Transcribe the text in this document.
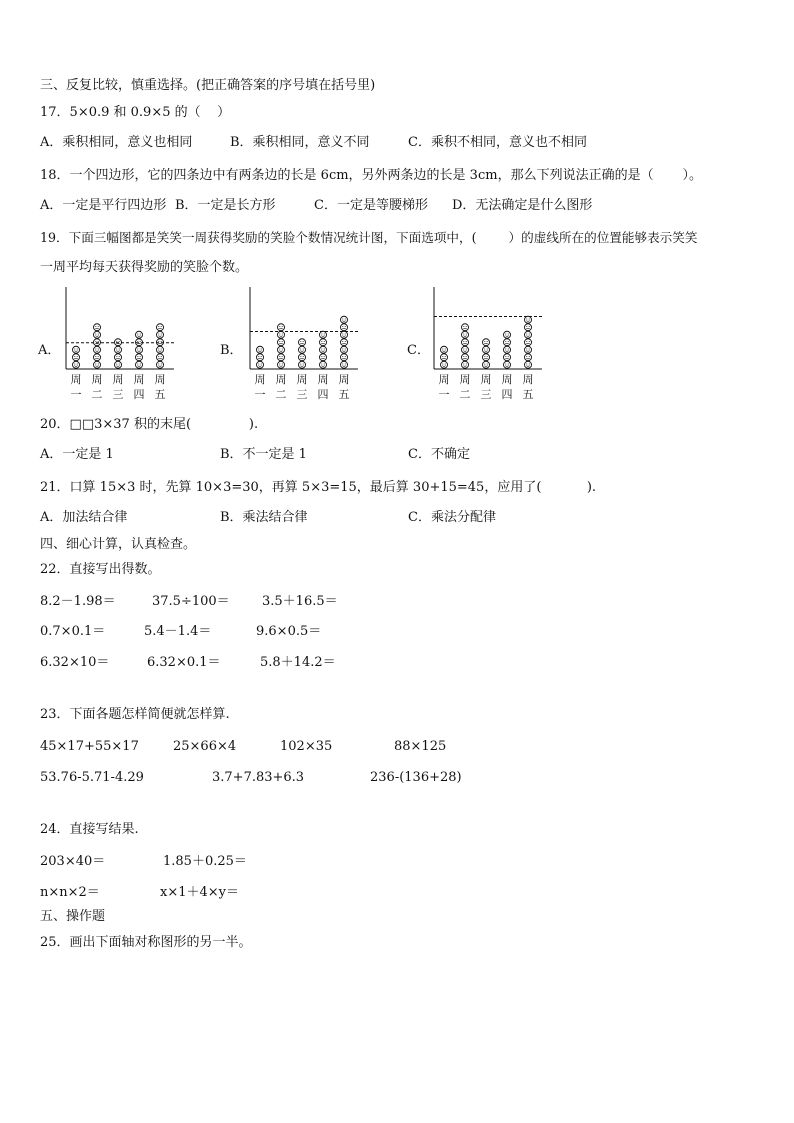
三、反复比较，慎重选择。(把正确答案的序号填在括号里)
17．5×0.9 和 0.9×5 的（    ）
A．乘积相同，意义也相同	B．乘积相同，意义不同	C．乘积不相同，意义也不相同
18．一个四边形，它的四条边中有两条边的长是 6cm，另外两条边的长是 3cm，那么下列说法正确的是（       ）。
A．一定是平行四边形 B．一定是长方形	C．一定是等腰梯形 D．无法确定是什么图形
19．下面三幅图都是笑笑一周获得奖励的笑脸个数情况统计图，下面选项中，(        ）的虚线所在的位置能够表示笑笑
一周平均每天获得奖励的笑脸个数。
A．
周
一
周
二
周
三
周
四
周
五
B．
周
一
周
二
周
三
周
四
周
五
C．
周
一
周
二
周
三
周
四
周
五
20．□□3×37 积的末尾(              ).
A．一定是 1	B．不一定是 1	C．不确定
21．口算 15×3 时，先算 10×3=30，再算 5×3=15，最后算 30+15=45，应用了(           ).
A．加法结合律	B．乘法结合律	C．乘法分配律
四、细心计算，认真检查。
22．直接写出得数。
8.2－1.98＝	37.5÷100＝ 3.5＋16.5＝
0.7×0.1＝	5.4－1.4＝	9.6×0.5＝
6.32×10＝	6.32×0.1＝	5.8＋14.2＝
23．下面各题怎样简便就怎样算.
45×17+55×17	25×66×4	102×35	88×125
53.76-5.71-4.29	3.7+7.83+6.3	236-(136+28)
24．直接写结果.
203×40＝	1.85＋0.25＝
n×n×2＝	x×1＋4×y＝
五、操作题
25．画出下面轴对称图形的另一半。
